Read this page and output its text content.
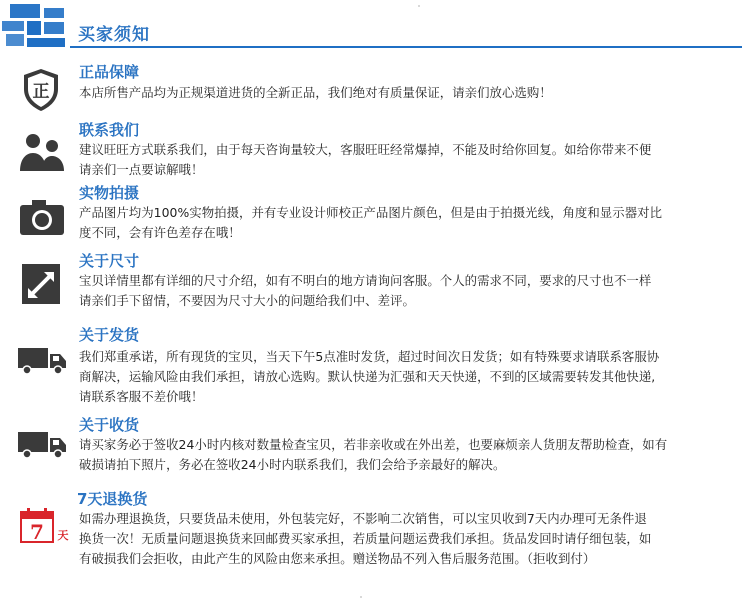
买家须知
正
正品保障
本店所售产品均为正规渠道进货的全新正品，我们绝对有质量保证，请亲们放心选购！
联系我们
建议旺旺方式联系我们，由于每天咨询量较大，客服旺旺经常爆掉，不能及时给你回复。如给你带来不便
请亲们一点要谅解哦！
实物拍摄
产品图片均为100%实物拍摄，并有专业设计师校正产品图片颜色，但是由于拍摄光线，角度和显示器对比
度不同，会有许色差存在哦！
关于尺寸
宝贝详情里都有详细的尺寸介绍，如有不明白的地方请询问客服。个人的需求不同，要求的尺寸也不一样
请亲们手下留情，不要因为尺寸大小的问题给我们中、差评。
关于发货
我们郑重承诺，所有现货的宝贝，当天下午5点准时发货，超过时间次日发货；如有特殊要求请联系客服协
商解决，运输风险由我们承担，请放心选购。默认快递为汇强和天天快递，不到的区域需要转发其他快递,
请联系客服不差价哦！
关于收货
请买家务必于签收24小时内核对数量检查宝贝，若非亲收或在外出差，也要麻烦亲人货朋友帮助检查，如有
破损请拍下照片，务必在签收24小时内联系我们，我们会给予亲最好的解决。
7 天
7天退换货
如需办理退换货，只要货品未使用，外包装完好，不影响二次销售，可以宝贝收到7天内办理可无条件退
换货一次！无质量问题退换货来回邮费买家承担，若质量问题运费我们承担。货品发回时请仔细包装，如
有破损我们会拒收，由此产生的风险由您来承担。赠送物品不列入售后服务范围。（拒收到付）
